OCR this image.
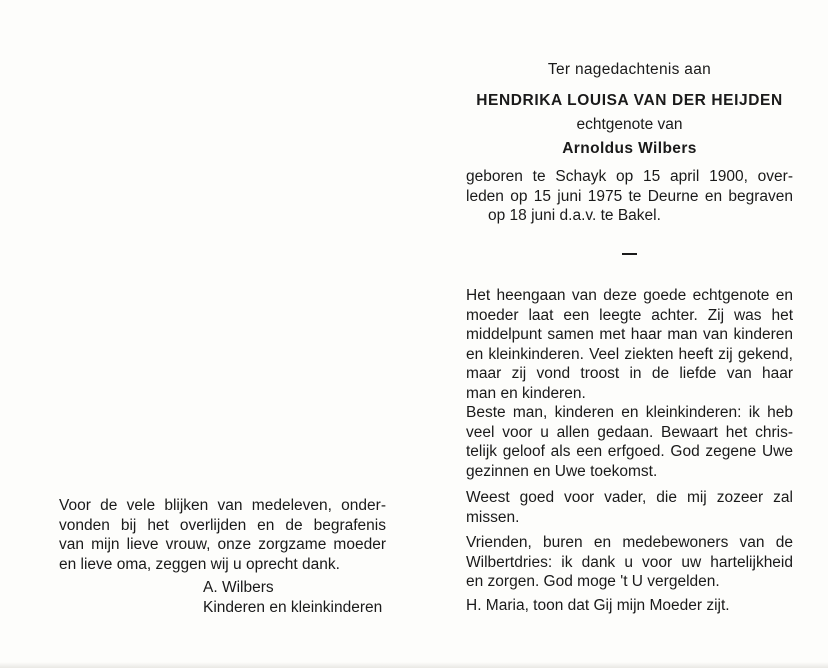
Ter nagedachtenis aan
HENDRIKA LOUISA VAN DER HEIJDEN
echtgenote van
Arnoldus Wilbers
geboren te Schayk op 15 april 1900, over-
leden op 15 juni 1975 te Deurne en begraven
op 18 juni d.a.v. te Bakel.
Het heengaan van deze goede echtgenote en
moeder laat een leegte achter. Zij was het
middelpunt samen met haar man van kinderen
en kleinkinderen. Veel ziekten heeft zij gekend,
maar zij vond troost in de liefde van haar
man en kinderen.
Beste man, kinderen en kleinkinderen: ik heb
veel voor u allen gedaan. Bewaart het chris-
telijk geloof als een erfgoed. God zegene Uwe
gezinnen en Uwe toekomst.
Weest goed voor vader, die mij zozeer zal
missen.
Vrienden, buren en medebewoners van de
Wilbertdries: ik dank u voor uw hartelijkheid
en zorgen. God moge 't U vergelden.
H. Maria, toon dat Gij mijn Moeder zijt.
Voor de vele blijken van medeleven, onder-
vonden bij het overlijden en de begrafenis
van mijn lieve vrouw, onze zorgzame moeder
en lieve oma, zeggen wij u oprecht dank.
A. Wilbers
Kinderen en kleinkinderen
